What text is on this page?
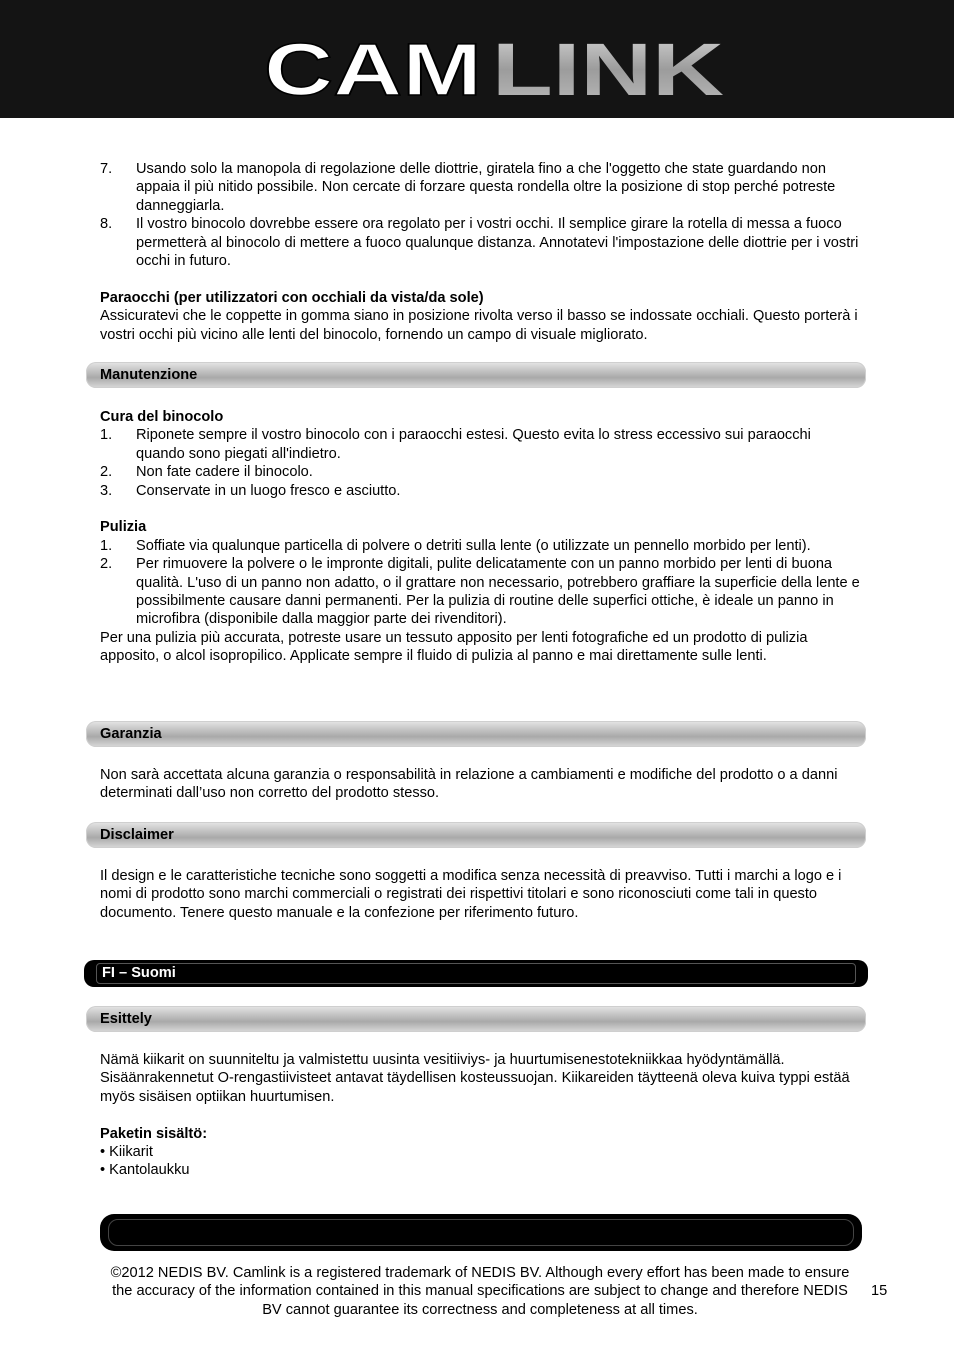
CAM LINK
7.	Usando solo la manopola di regolazione delle diottrie, giratela fino a che l'oggetto che state guardando non appaia il più nitido possibile. Non cercate di forzare questa rondella oltre la posizione di stop perché potreste danneggiarla.
8.	Il vostro binocolo dovrebbe essere ora regolato per i vostri occhi. Il semplice girare la rotella di messa a fuoco permetterà al binocolo di mettere a fuoco qualunque distanza. Annotatevi l'impostazione delle diottrie per i vostri occhi in futuro.
Paraocchi (per utilizzatori con occhiali da vista/da sole)

Assicuratevi che le coppette in gomma siano in posizione rivolta verso il basso se indossate occhiali. Questo porterà i vostri occhi più vicino alle lenti del binocolo, fornendo un campo di visuale migliorato.

Manutenzione
Cura del binocolo
1.	Riponete sempre il vostro binocolo con i paraocchi estesi. Questo evita lo stress eccessivo sui paraocchi quando sono piegati all'indietro.
2.	Non fate cadere il binocolo.
3.	Conservate in un luogo fresco e asciutto.
Pulizia
1.	Soffiate via qualunque particella di polvere o detriti sulla lente (o utilizzate un pennello morbido per lenti).
2.	Per rimuovere la polvere o le impronte digitali, pulite delicatamente con un panno morbido per lenti di buona qualità. L'uso di un panno non adatto, o il grattare non necessario, potrebbero graffiare la superficie della lente e possibilmente causare danni permanenti. Per la pulizia di routine delle superfici ottiche, è ideale un panno in microfibra (disponibile dalla maggior parte dei rivenditori).

Per una pulizia più accurata, potreste usare un tessuto apposito per lenti fotografiche ed un prodotto di pulizia apposito, o alcol isopropilico. Applicate sempre il fluido di pulizia al panno e mai direttamente sulle lenti.

Garanzia

Non sarà accettata alcuna garanzia o responsabilità in relazione a cambiamenti e modifiche del prodotto o a danni determinati dall’uso non corretto del prodotto stesso.

Disclaimer

Il design e le caratteristiche tecniche sono soggetti a modifica senza necessità di preavviso. Tutti i marchi a logo e i nomi di prodotto sono marchi commerciali o registrati dei rispettivi titolari e sono riconosciuti come tali in questo documento. Tenere questo manuale e la confezione per riferimento futuro.

FI – Suomi
Esittely

Nämä kiikarit on suunniteltu ja valmistettu uusinta vesitiiviys- ja huurtumisenestotekniikkaa hyödyntämällä. Sisäänrakennetut O-rengastiivisteet antavat täydellisen kosteussuojan. Kiikareiden täytteenä oleva kuiva typpi estää myös sisäisen optiikan huurtumisen.

Paketin sisältö:
• Kiikarit
• Kantolaukku
©2012 NEDIS BV. Camlink is a registered trademark of NEDIS BV. Although every effort has been made to ensure the accuracy of the information contained in this manual specifications are subject to change and therefore NEDIS BV cannot guarantee its correctness and completeness at all times.
15
